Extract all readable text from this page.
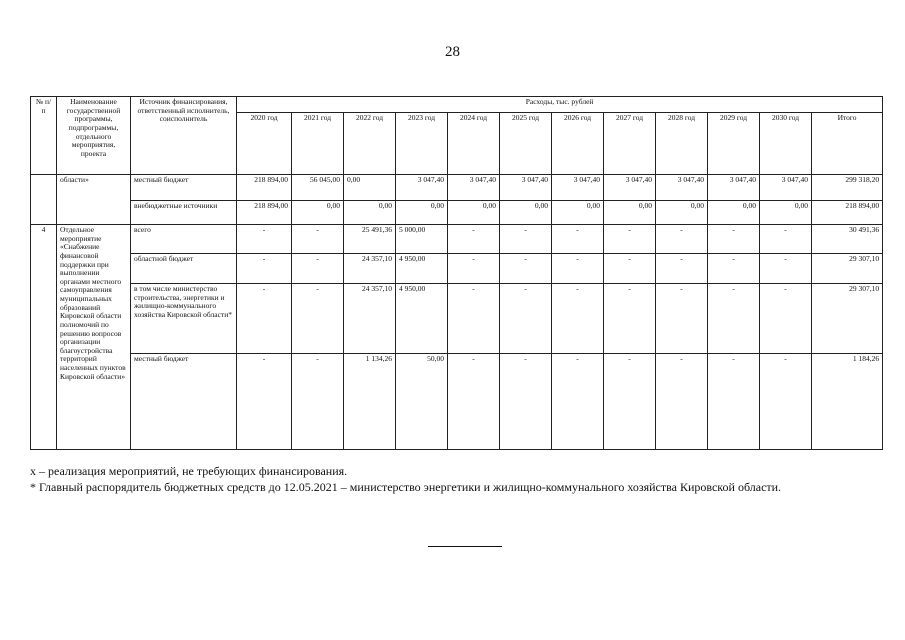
28
№ п/п	Наименование государственной программы, подпрограммы, отдельного мероприятия, проекта	Источник финансирования, ответственный исполнитель, соисполнитель	Расходы, тыс. рублей											
			2020 год	2021 год	2022 год	2023 год	2024 год	2025 год	2026 год	2027 год	2028 год	2029 год	2030 год	Итого
	области»	местный бюджет	218 894,00	56 045,00	0,00	3 047,40	3 047,40	3 047,40	3 047,40	3 047,40	3 047,40	3 047,40	3 047,40	299 318,20
		внебюджетные источники	218 894,00	0,00	0,00	0,00	0,00	0,00	0,00	0,00	0,00	0,00	0,00	218 894,00
4	Отдельное мероприятие «Снабжение финансовой поддержки при выполнении органами местного самоуправления муниципальных образований Кировской области полномочий по решению вопросов организации благоустройства территорий населенных пунктов Кировской области»	всего	-	-	25 491,36	5 000,00	-	-	-	-	-	-	-	30 491,36
		областной бюджет	-	-	24 357,10	4 950,00	-	-	-	-	-	-	-	29 307,10
		в том числе министерство строительства, энергетики и жилищно-коммунального хозяйства Кировской области*	-	-	24 357,10	4 950,00	-	-	-	-	-	-	-	29 307,10
		местный бюджет	-	-	1 134,26	50,00	-	-	-	-	-	-	-	1 184,26
х – реализация мероприятий, не требующих финансирования.
* Главный распорядитель бюджетных средств до 12.05.2021 – министерство энергетики и жилищно-коммунального хозяйства Кировской области.
